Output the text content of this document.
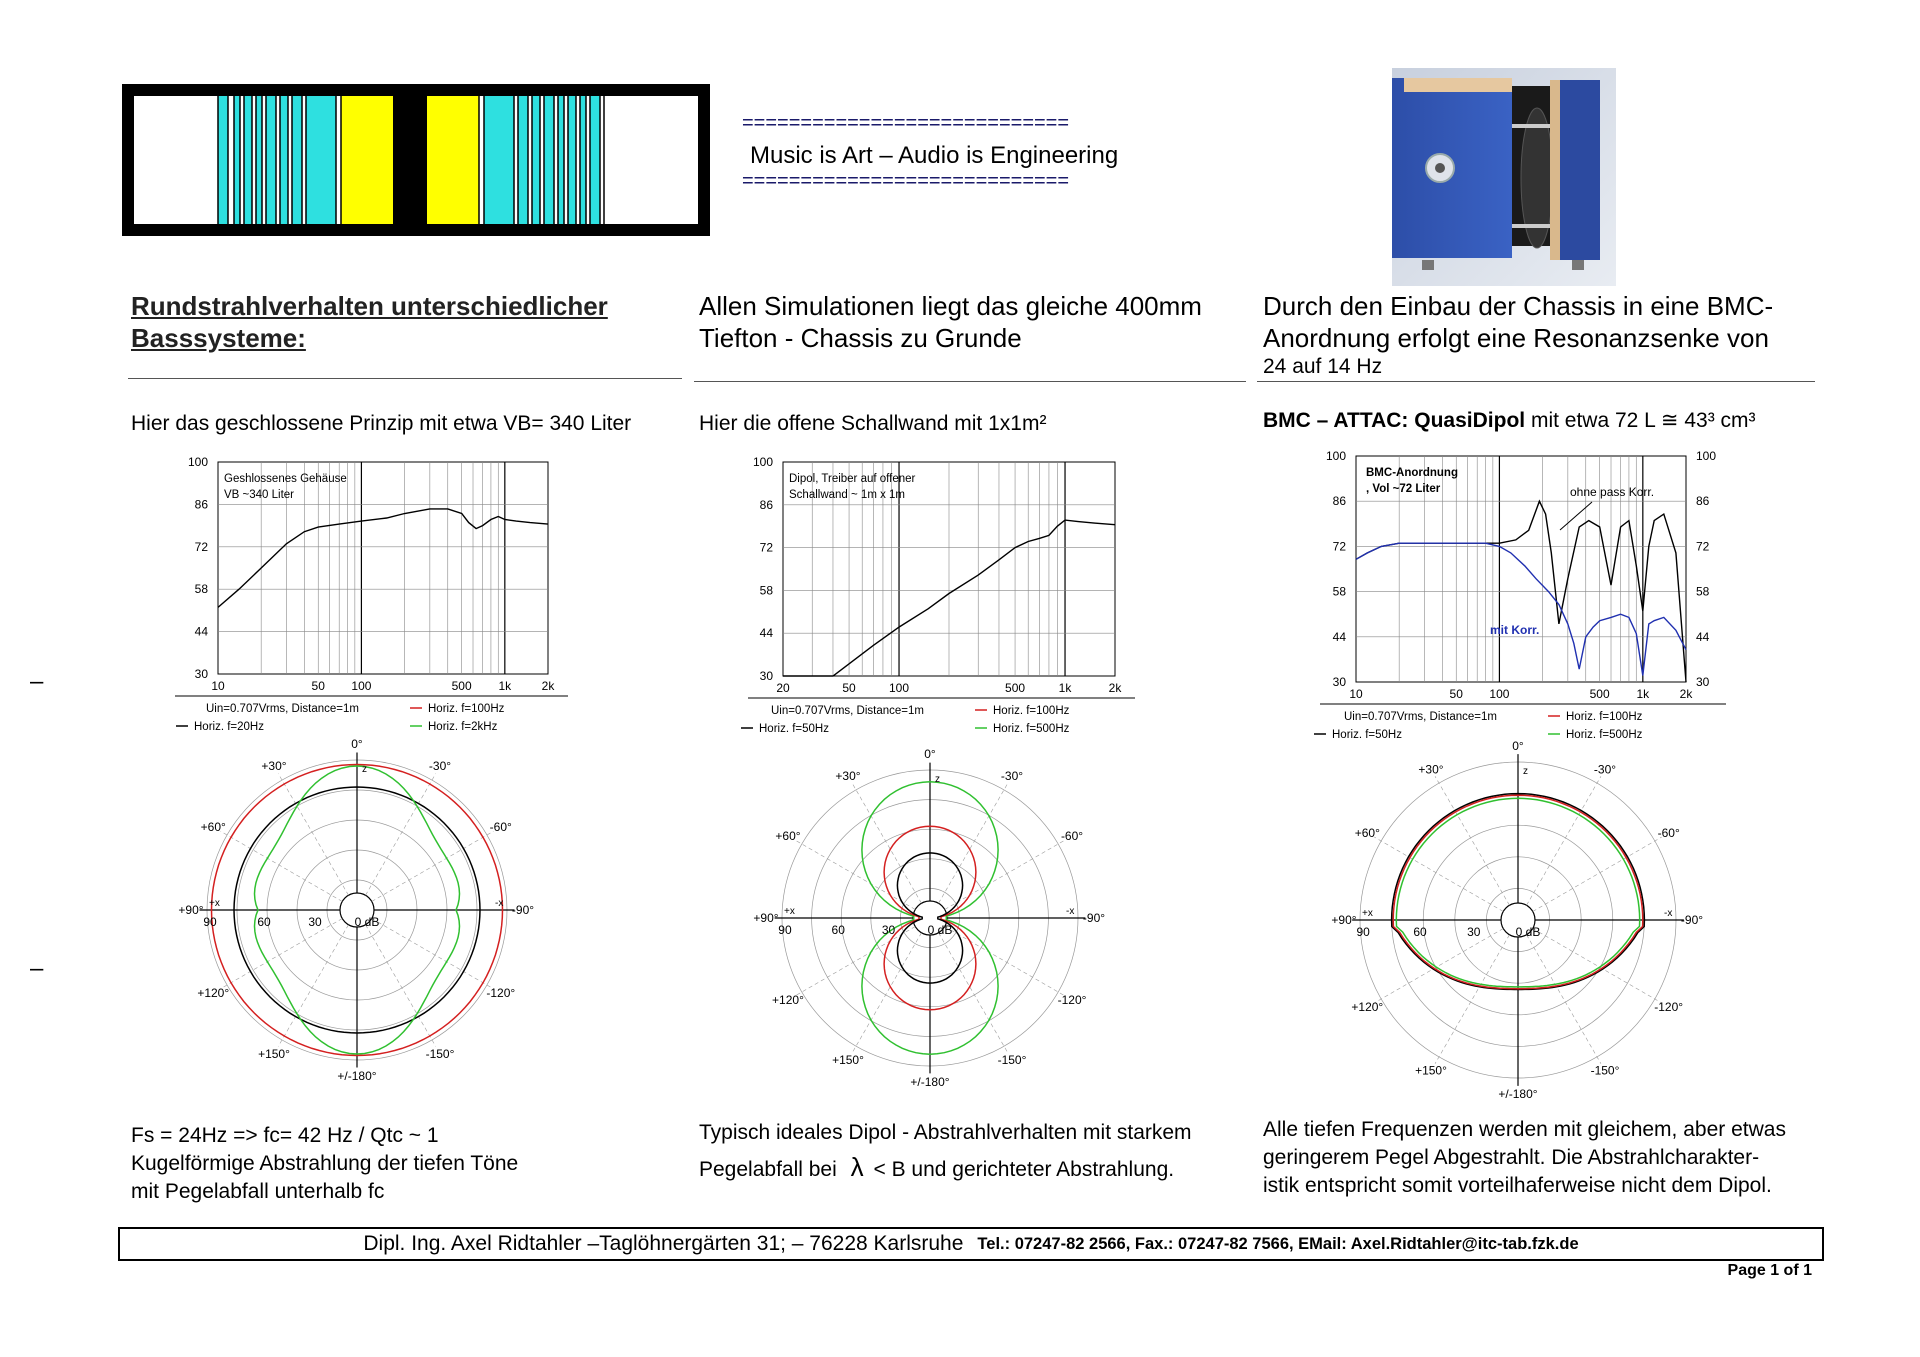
============================
Music is Art – Audio is Engineering
============================
Rundstrahlverhalten unterschiedlicher Basssysteme:
Allen Simulationen liegt das gleiche 400mm Tiefton - Chassis zu Grunde
Durch den Einbau der Chassis in eine BMC-
Anordnung erfolgt eine Resonanzsenke von
24 auf 14 Hz
Hier das geschlossene Prinzip mit etwa VB= 340 Liter	Hier die offene Schallwand mit 1x1m²	BMC – ATTAC: QuasiDipol mit etwa 72 L ≅ 43³ cm³
100
86
72
58
44
30
10	50 100	500 1k	2k
Geshlossenes Gehäuse
VB ~340 Liter
Uin=0.707Vrms, Distance=1m	Horiz. f=100Hz
Horiz. f=20Hz	Horiz. f=2kHz
0°
-30°
-60°
-90°
-120°
-150°
+/-180°
+150°
+120°
+90°
+60°
+30°
90	60	30	0 dB
z
+x	-x
100
86
72
58
44
30
20	50	100	500	1k	2k
Dipol, Treiber auf offener
Schallwand ~ 1m x 1m
Uin=0.707Vrms, Distance=1m	Horiz. f=100Hz
Horiz. f=50Hz	Horiz. f=500Hz
0°
-30°
-60°
-90°
-120°
-150°
+/-180°
+150°
+120°
+90°
+60°
+30°
90	60	30	0 dB
z
+x	-x
100	100
86	86
72	72
58	58
44	44
30	30
10	50 100	500 1k	2k
BMC-Anordnung
, Vol ~72 Liter	ohne pass Korr.
mit Korr.
Uin=0.707Vrms, Distance=1m	Horiz. f=100Hz
Horiz. f=50Hz	Horiz. f=500Hz
0°
-30°
-60°
-90°
-120°
-150°
+/-180°
+150°
+120°
+90°
+60°
+30°
90	60	30	0 dB
z
+x	-x
Fs = 24Hz => fc= 42 Hz / Qtc ~ 1
Kugelförmige Abstrahlung der tiefen Töne
mit Pegelabfall unterhalb fc
Typisch ideales Dipol - Abstrahlverhalten mit starkem
Pegelabfall bei λ < B und gerichteter Abstrahlung.
Alle tiefen Frequenzen werden mit gleichem, aber etwas
geringerem Pegel Abgestrahlt. Die Abstrahlcharakter-
istik entspricht somit vorteilhaferweise nicht dem Dipol.
–
–
Dipl. Ing. Axel Ridtahler –Taglöhnergärten 31; – 76228 Karlsruhe Tel.: 07247-82 2566, Fax.: 07247-82 7566, EMail: Axel.Ridtahler@itc-tab.fzk.de
Page 1 of 1
